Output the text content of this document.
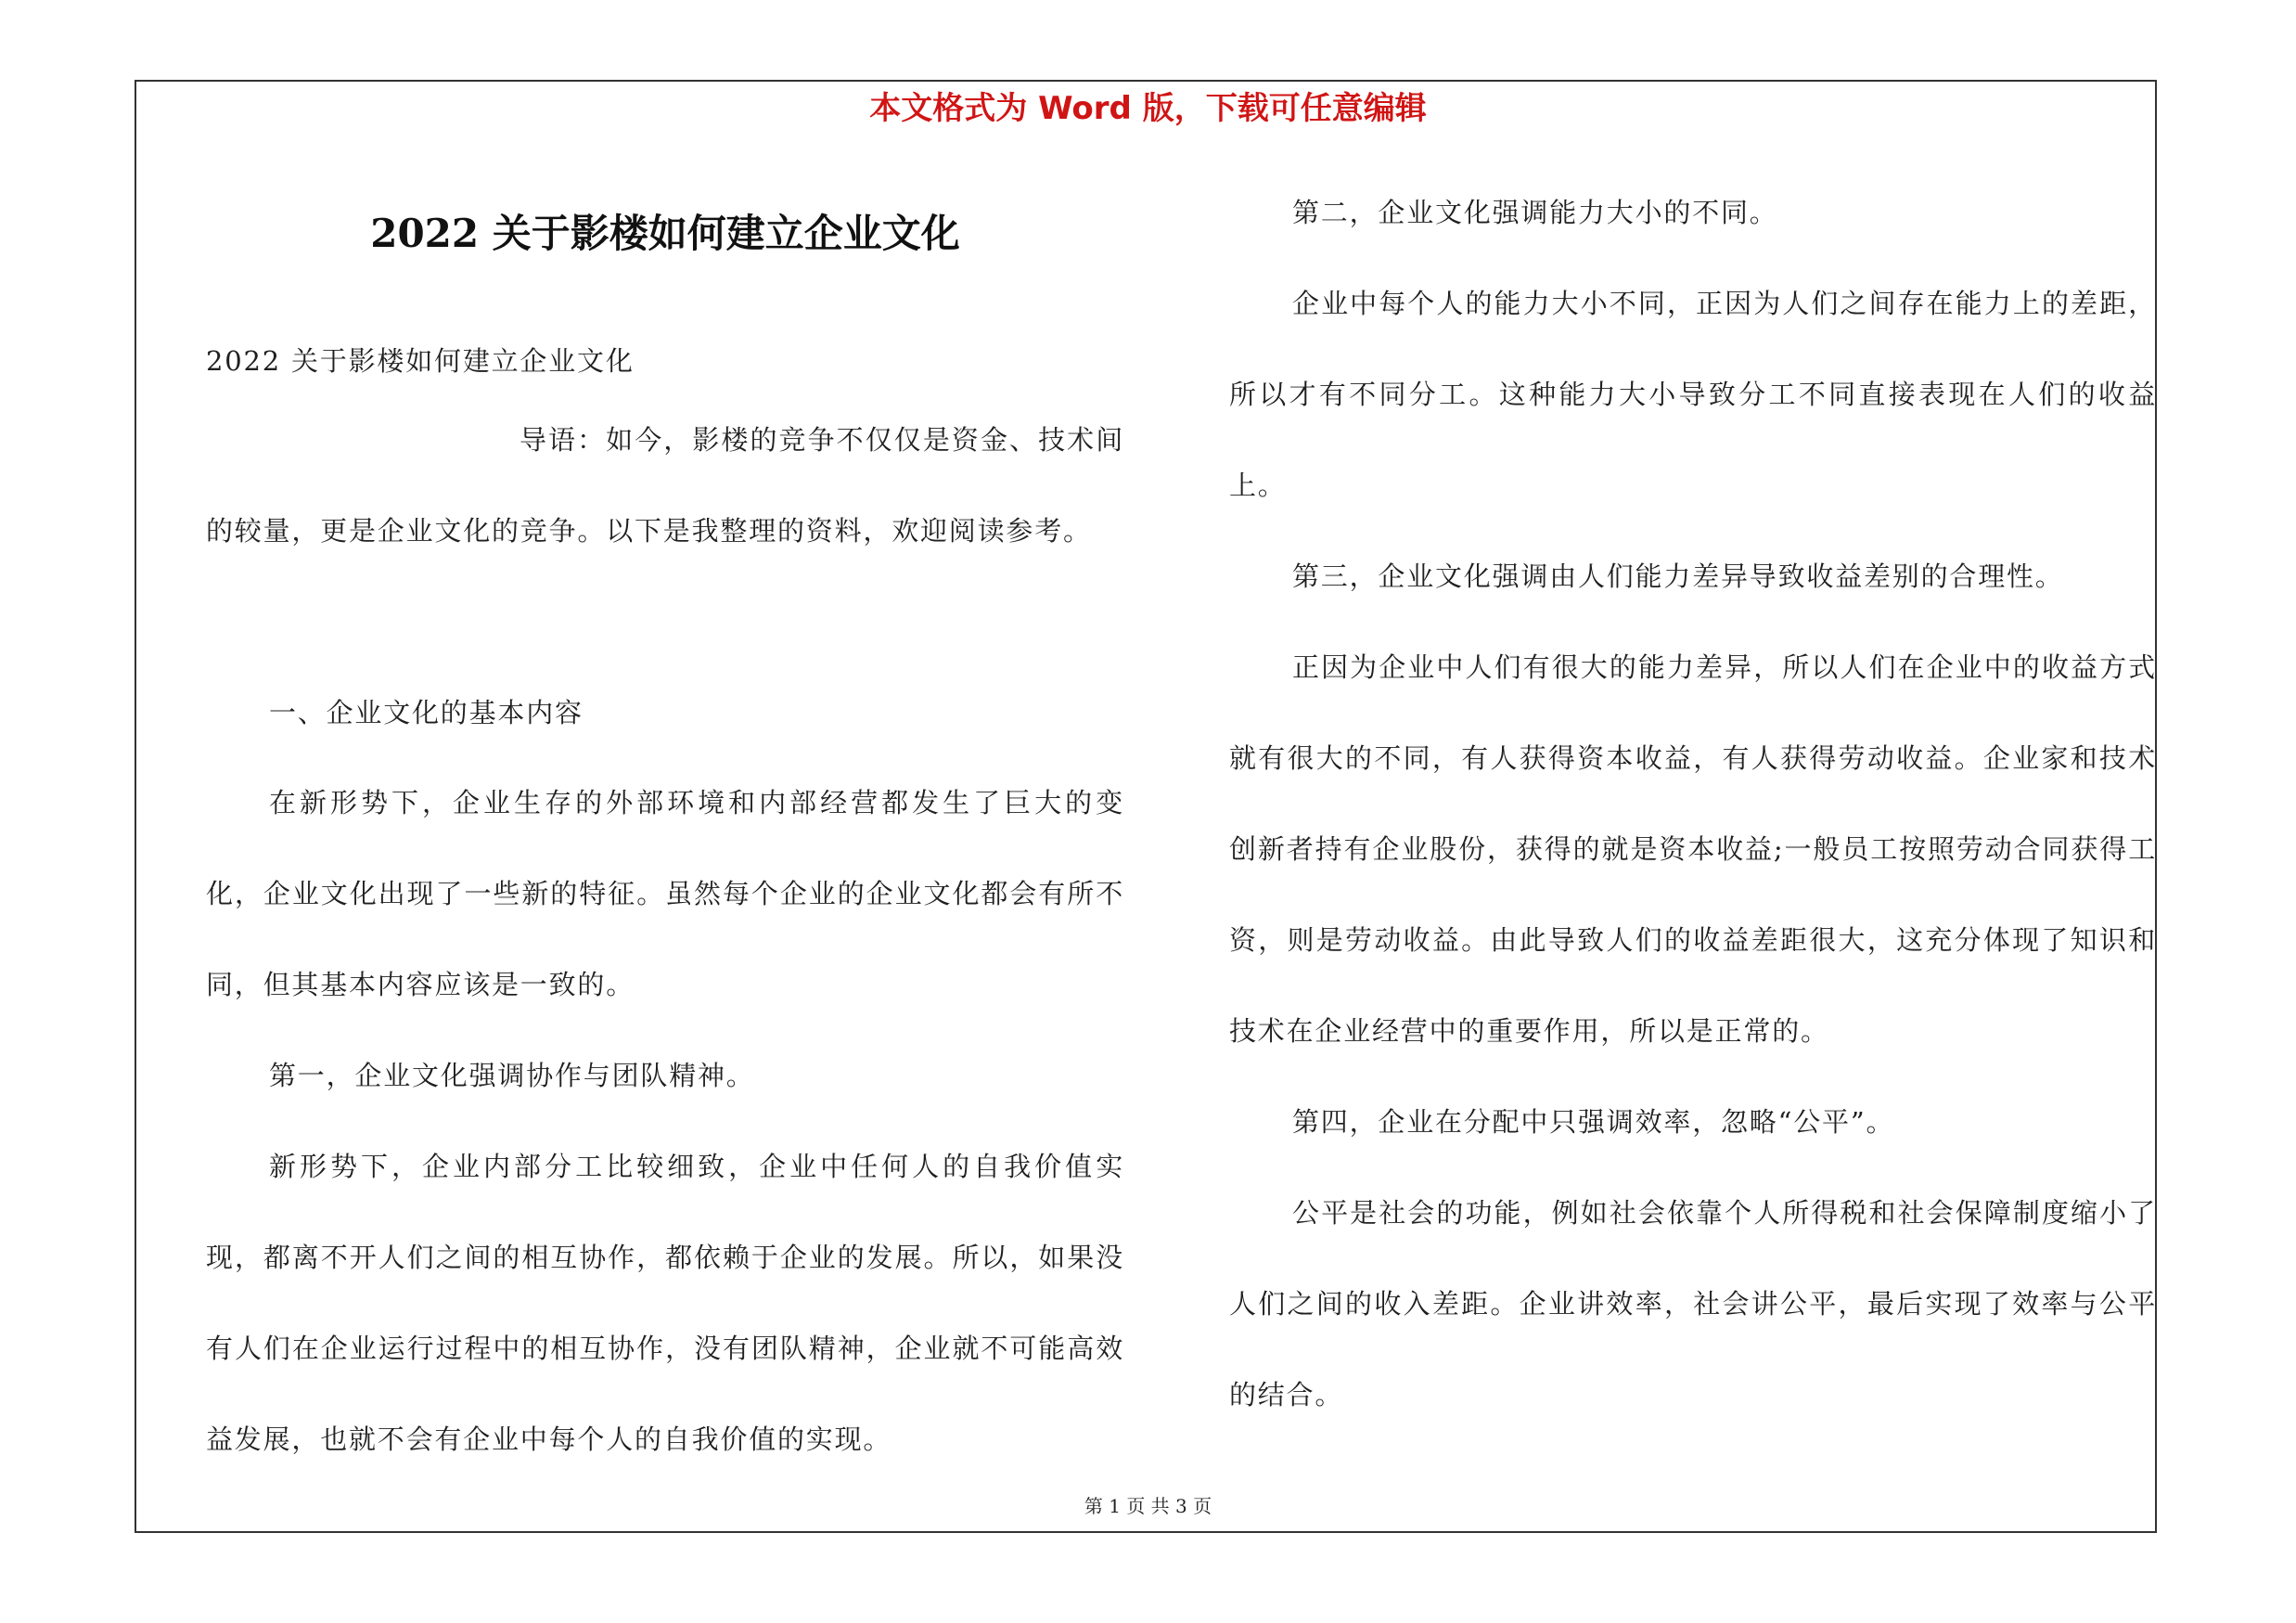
本文格式为 Word 版，下载可任意编辑
2022 关于影楼如何建立企业文化

2022 关于影楼如何建立企业文化

导语：如今，影楼的竞争不仅仅是资金、技术间的较量，更是企业文化的竞争。以下是我整理的资料，欢迎阅读参考。

一、企业文化的基本内容

在新形势下，企业生存的外部环境和内部经营都发生了巨大的变化，企业文化出现了一些新的特征。虽然每个企业的企业文化都会有所不同，但其基本内容应该是一致的。

第一，企业文化强调协作与团队精神。

新形势下，企业内部分工比较细致，企业中任何人的自我价值实现，都离不开人们之间的相互协作，都依赖于企业的发展。所以，如果没有人们在企业运行过程中的相互协作，没有团队精神，企业就不可能高效益发展，也就不会有企业中每个人的自我价值的实现。

第二，企业文化强调能力大小的不同。

企业中每个人的能力大小不同，正因为人们之间存在能力上的差距，所以才有不同分工。这种能力大小导致分工不同直接表现在人们的收益上。

第三，企业文化强调由人们能力差异导致收益差别的合理性。

正因为企业中人们有很大的能力差异，所以人们在企业中的收益方式就有很大的不同，有人获得资本收益，有人获得劳动收益。企业家和技术创新者持有企业股份，获得的就是资本收益;一般员工按照劳动合同获得工资，则是劳动收益。由此导致人们的收益差距很大，这充分体现了知识和技术在企业经营中的重要作用，所以是正常的。

第四，企业在分配中只强调效率，忽略“公平”。

公平是社会的功能，例如社会依靠个人所得税和社会保障制度缩小了人们之间的收入差距。企业讲效率，社会讲公平，最后实现了效率与公平的结合。

第 1 页 共 3 页
